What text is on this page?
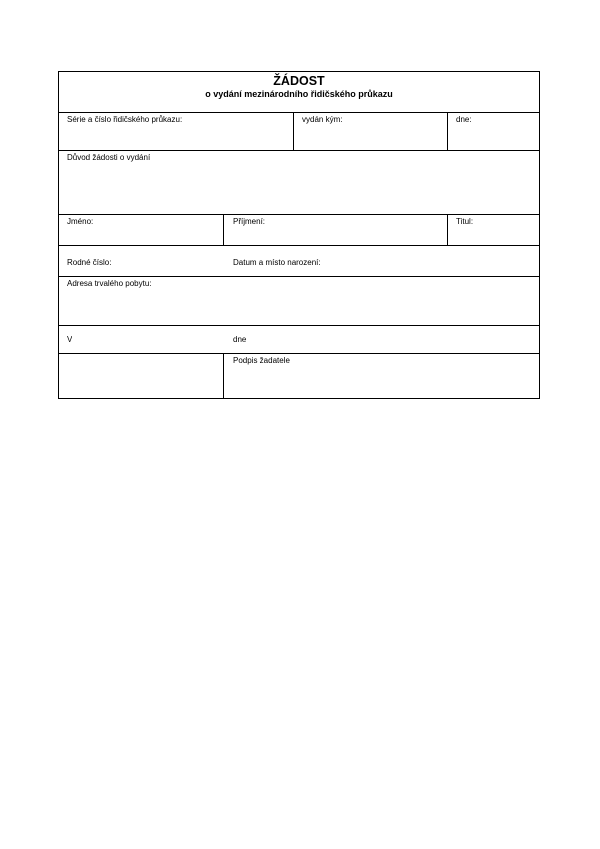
ŽÁDOST
o vydání mezinárodního řidičského průkazu
Série a číslo řidičského průkazu:	vydán kým:	dne:
Důvod žádosti o vydání
Jméno:	Příjmení:	Titul:
Rodné číslo:	Datum a místo narození:
Adresa trvalého pobytu:
V	dne
Podpis žadatele
